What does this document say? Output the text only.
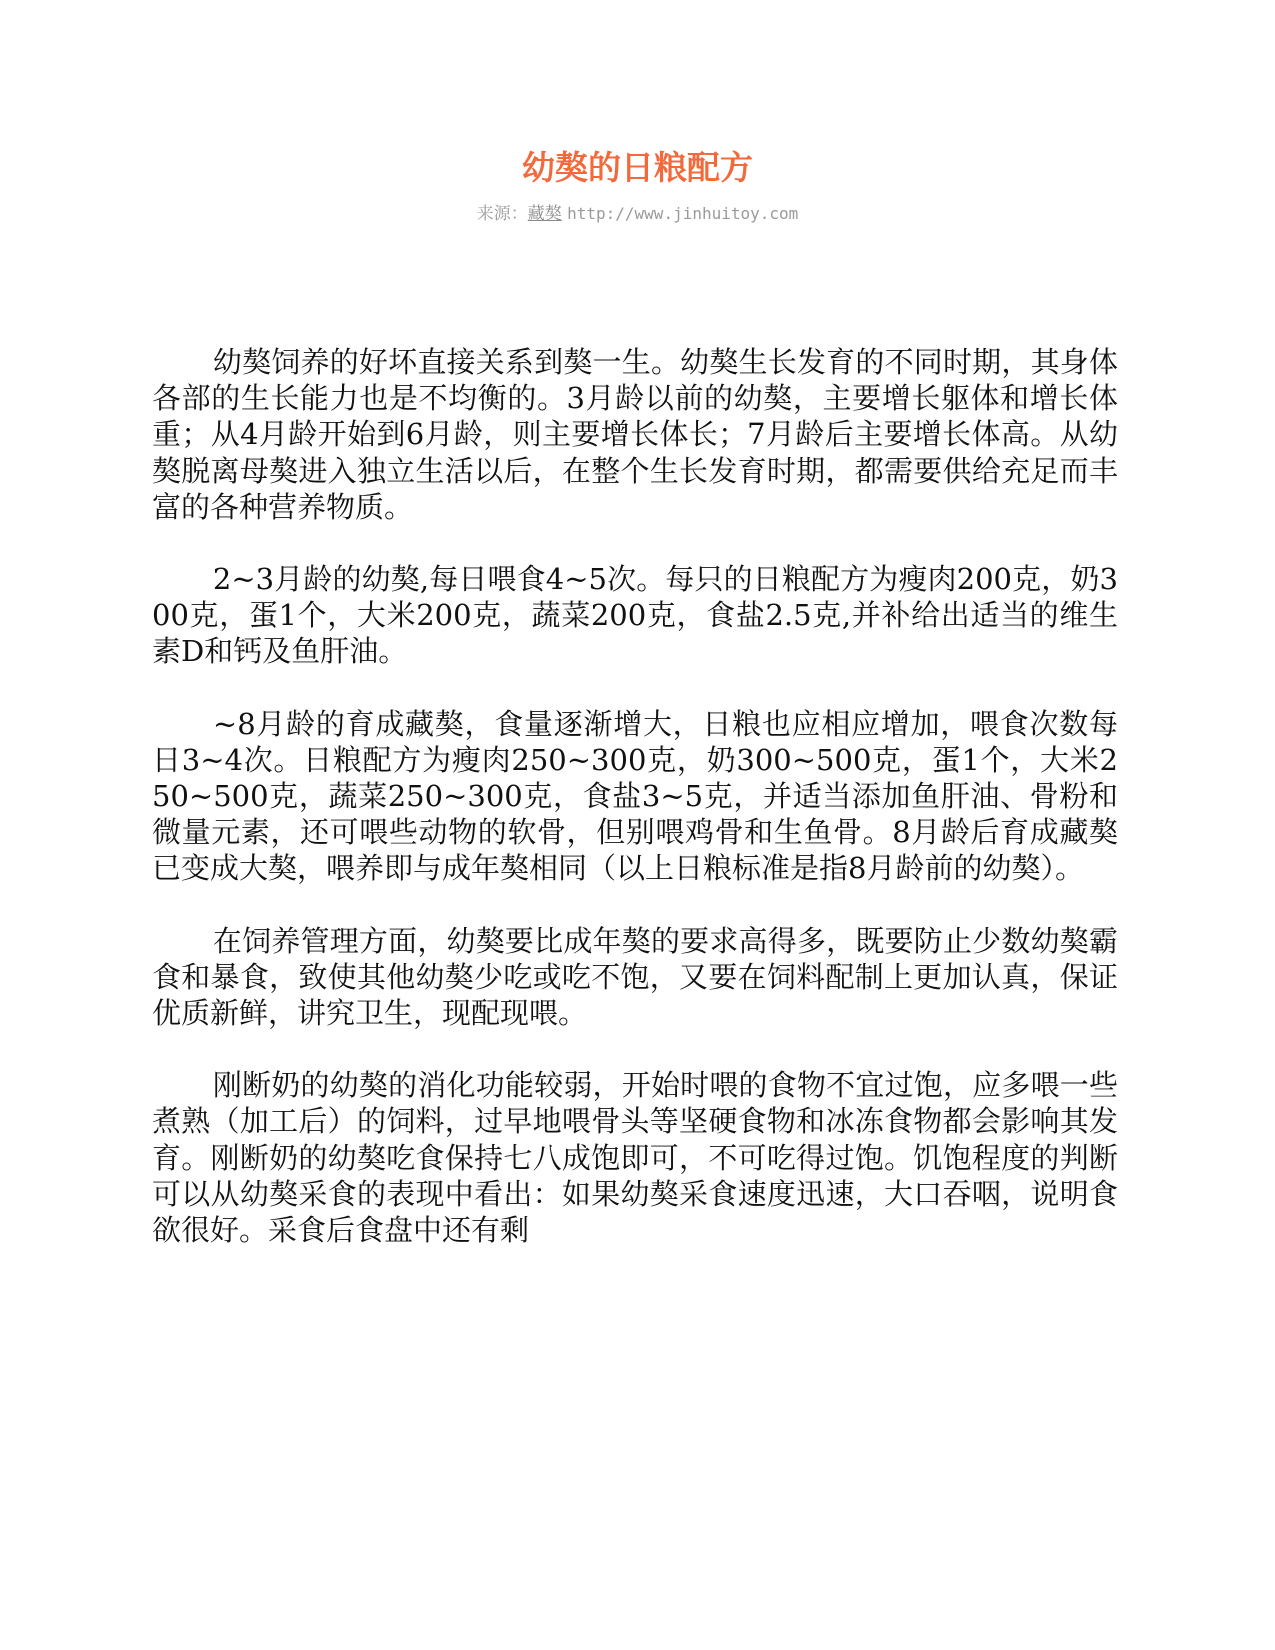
幼獒的日粮配方
来源：藏獒 http://www.jinhuitoy.com

幼獒饲养的好坏直接关系到獒一生。幼獒生长发育的不同时期，其身体各部的生长能力也是不均衡的。3月龄以前的幼獒，主要增长躯体和增长体重；从4月龄开始到6月龄，则主要增长体长；7月龄后主要增长体高。从幼獒脱离母獒进入独立生活以后，在整个生长发育时期，都需要供给充足而丰富的各种营养物质。

2~3月龄的幼獒,每日喂食4~5次。每只的日粮配方为瘦肉200克，奶300克，蛋1个，大米200克，蔬菜200克，食盐2.5克,并补给出适当的维生素D和钙及鱼肝油。

~8月龄的育成藏獒，食量逐渐增大，日粮也应相应增加，喂食次数每日3~4次。日粮配方为瘦肉250~300克，奶300~500克，蛋1个，大米250~500克，蔬菜250~300克，食盐3~5克，并适当添加鱼肝油、骨粉和微量元素，还可喂些动物的软骨，但别喂鸡骨和生鱼骨。8月龄后育成藏獒已变成大獒，喂养即与成年獒相同（以上日粮标准是指8月龄前的幼獒）。

在饲养管理方面，幼獒要比成年獒的要求高得多，既要防止少数幼獒霸食和暴食，致使其他幼獒少吃或吃不饱，又要在饲料配制上更加认真，保证优质新鲜，讲究卫生，现配现喂。

刚断奶的幼獒的消化功能较弱，开始时喂的食物不宜过饱，应多喂一些煮熟（加工后）的饲料，过早地喂骨头等坚硬食物和冰冻食物都会影响其发育。刚断奶的幼獒吃食保持七八成饱即可，不可吃得过饱。饥饱程度的判断可以从幼獒采食的表现中看出：如果幼獒采食速度迅速，大口吞咽，说明食欲很好。采食后食盘中还有剩
